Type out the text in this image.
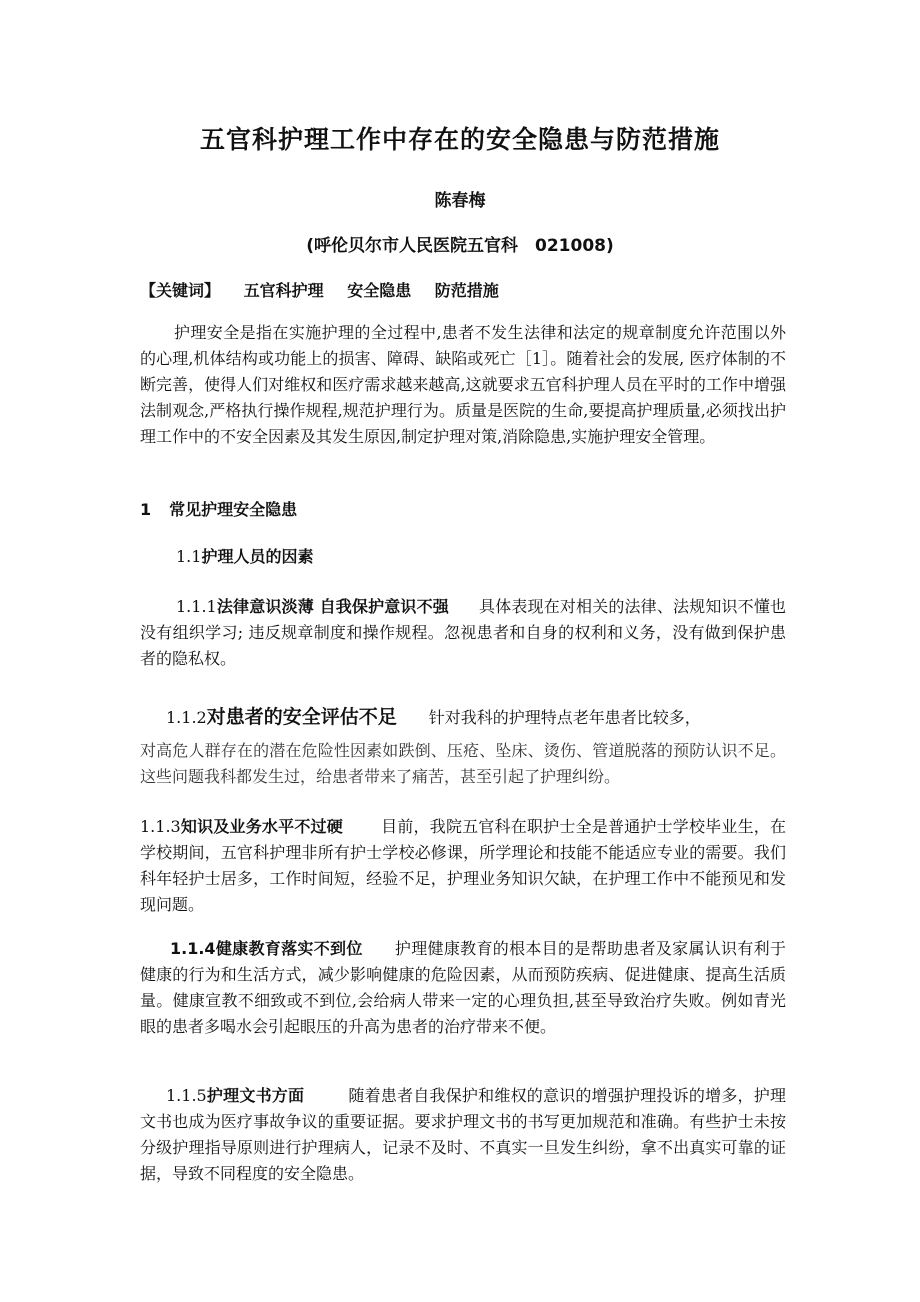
五官科护理工作中存在的安全隐患与防范措施
陈春梅
(呼伦贝尔市人民医院五官科　021008)
【关键词】 五官科护理 安全隐患 防范措施
护理安全是指在实施护理的全过程中,患者不发生法律和法定的规章制度允许范围以外的心理,机体结构或功能上的损害、障碍、缺陷或死亡［1］。随着社会的发展, 医疗体制的不断完善，使得人们对维权和医疗需求越来越高,这就要求五官科护理人员在平时的工作中增强法制观念,严格执行操作规程,规范护理行为。质量是医院的生命,要提高护理质量,必须找出护理工作中的不安全因素及其发生原因,制定护理对策,消除隐患,实施护理安全管理。
1 常见护理安全隐患
1.1护理人员的因素
1.1.1法律意识淡薄 自我保护意识不强 具体表现在对相关的法律、法规知识不懂也没有组织学习; 违反规章制度和操作规程。忽视患者和自身的权利和义务，没有做到保护患者的隐私权。
1.1.2对患者的安全评估不足 针对我科的护理特点老年患者比较多，
对高危人群存在的潜在危险性因素如跌倒、压疮、坠床、烫伤、管道脱落的预防认识不足。这些问题我科都发生过，给患者带来了痛苦，甚至引起了护理纠纷。
1.1.3知识及业务水平不过硬 目前，我院五官科在职护士全是普通护士学校毕业生，在学校期间，五官科护理非所有护士学校必修课，所学理论和技能不能适应专业的需要。我们科年轻护士居多，工作时间短，经验不足，护理业务知识欠缺，在护理工作中不能预见和发现问题。
1.1.4健康教育落实不到位 护理健康教育的根本目的是帮助患者及家属认识有利于健康的行为和生活方式，减少影响健康的危险因素，从而预防疾病、促进健康、提高生活质量。健康宣教不细致或不到位,会给病人带来一定的心理负担,甚至导致治疗失败。例如青光眼的患者多喝水会引起眼压的升高为患者的治疗带来不便。
1.1.5护理文书方面	随着患者自我保护和维权的意识的增强护理投诉的增多，护理文书也成为医疗事故争议的重要证据。要求护理文书的书写更加规范和准确。有些护士未按分级护理指导原则进行护理病人，记录不及时、不真实一旦发生纠纷，拿不出真实可靠的证据，导致不同程度的安全隐患。
